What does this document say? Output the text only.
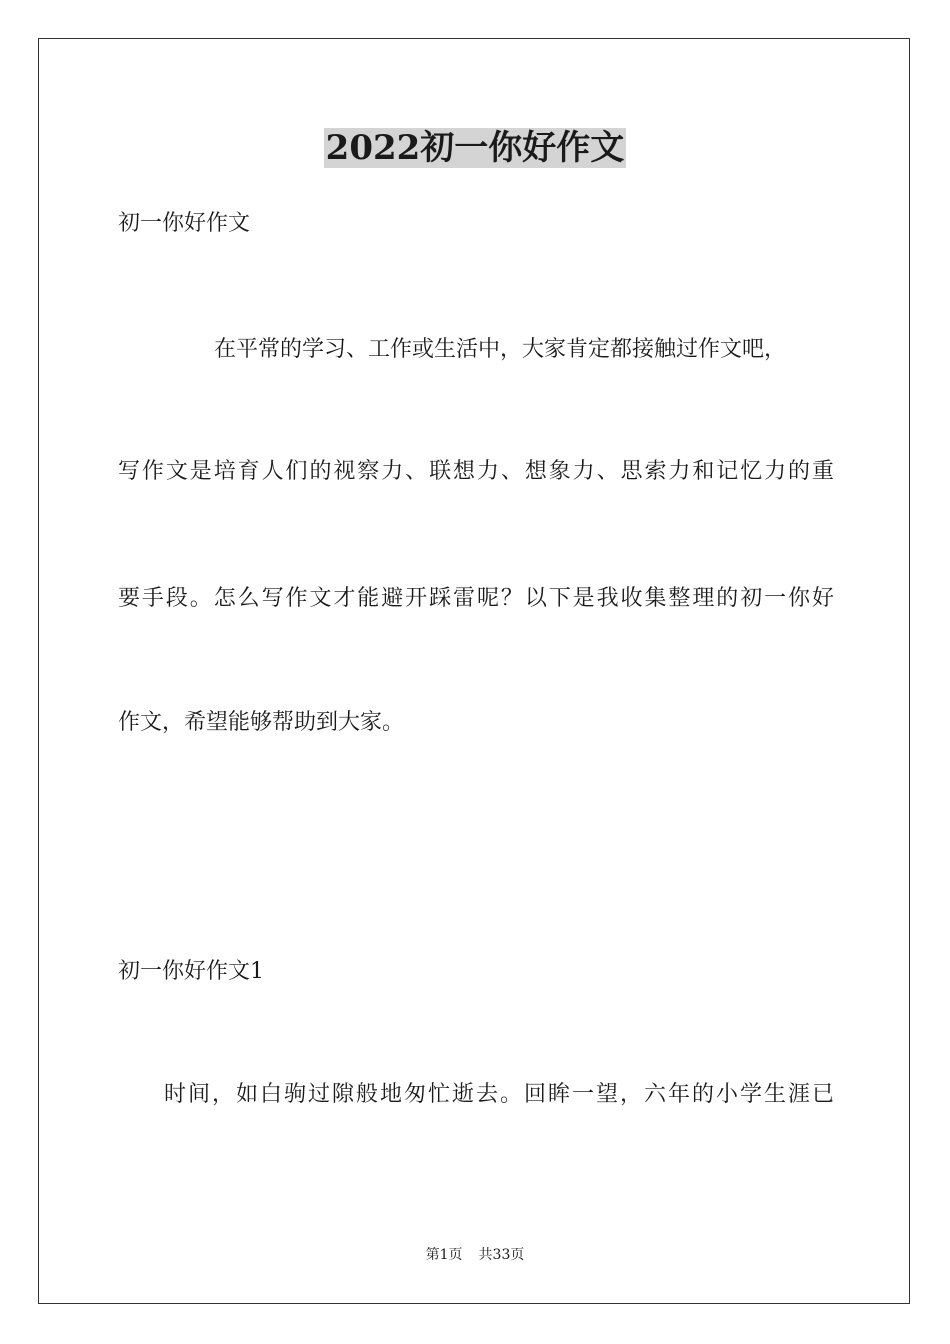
2022初一你好作文

初一你好作文

在平常的学习、工作或生活中，大家肯定都接触过作文吧，

写作文是培育人们的视察力、联想力、想象力、思索力和记忆力的重

要手段。怎么写作文才能避开踩雷呢？以下是我收集整理的初一你好

作文，希望能够帮助到大家。

初一你好作文1

时间，如白驹过隙般地匆忙逝去。回眸一望，六年的小学生涯已

第1页 共33页
